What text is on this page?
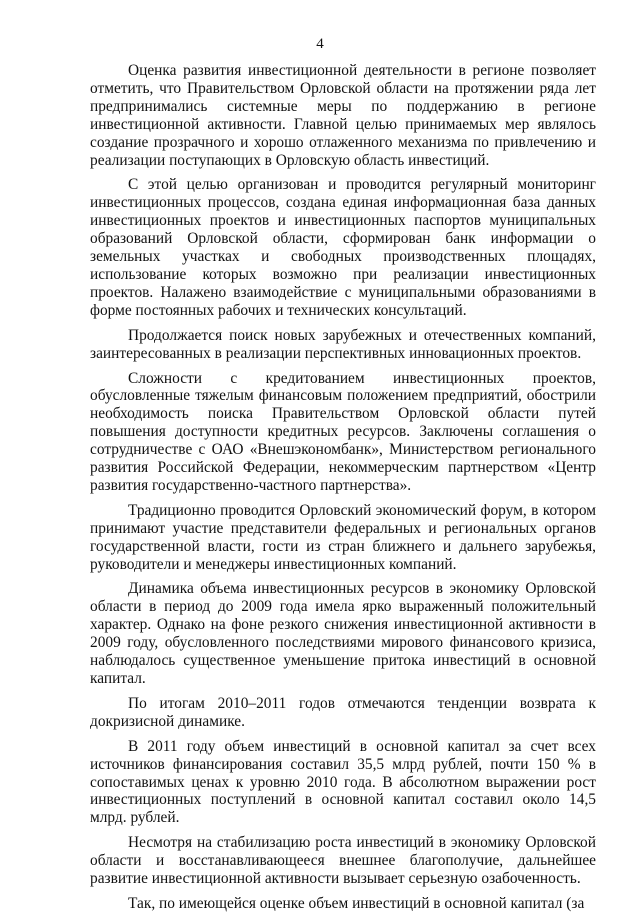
4

Оценка развития инвестиционной деятельности в регионе позволяет отметить, что Правительством Орловской области на протяжении ряда лет предпринимались системные меры по поддержанию в регионе инвестиционной активности. Главной целью принимаемых мер являлось создание прозрачного и хорошо отлаженного механизма по привлечению и реализации поступающих в Орловскую область инвестиций.

С этой целью организован и проводится регулярный мониторинг инвестиционных процессов, создана единая информационная база данных инвестиционных проектов и инвестиционных паспортов муниципальных образований Орловской области, сформирован банк информации о земельных участках и свободных производственных площадях, использование которых возможно при реализации инвестиционных проектов. Налажено взаимодействие с муниципальными образованиями в форме постоянных рабочих и технических консультаций.

Продолжается поиск новых зарубежных и отечественных компаний, заинтересованных в реализации перспективных инновационных проектов.

Сложности с кредитованием инвестиционных проектов, обусловленные тяжелым финансовым положением предприятий, обострили необходимость поиска Правительством Орловской области путей повышения доступности кредитных ресурсов. Заключены соглашения о сотрудничестве с ОАО «Внешэкономбанк», Министерством регионального развития Российской Федерации, некоммерческим партнерством «Центр развития государственно-частного партнерства».

Традиционно проводится Орловский экономический форум, в котором принимают участие представители федеральных и региональных органов государственной власти, гости из стран ближнего и дальнего зарубежья, руководители и менеджеры инвестиционных компаний.

Динамика объема инвестиционных ресурсов в экономику Орловской области в период до 2009 года имела ярко выраженный положительный характер. Однако на фоне резкого снижения инвестиционной активности в 2009 году, обусловленного последствиями мирового финансового кризиса, наблюдалось существенное уменьшение притока инвестиций в основной капитал.

По итогам 2010–2011 годов отмечаются тенденции возврата к докризисной динамике.

В 2011 году объем инвестиций в основной капитал за счет всех источников финансирования составил 35,5 млрд рублей, почти 150 % в сопоставимых ценах к уровню 2010 года. В абсолютном выражении рост инвестиционных поступлений в основной капитал составил около 14,5 млрд. рублей.

Несмотря на стабилизацию роста инвестиций в экономику Орловской области и восстанавливающееся внешнее благополучие, дальнейшее развитие инвестиционной активности вызывает серьезную озабоченность.

Так, по имеющейся оценке объем инвестиций в основной капитал (за
